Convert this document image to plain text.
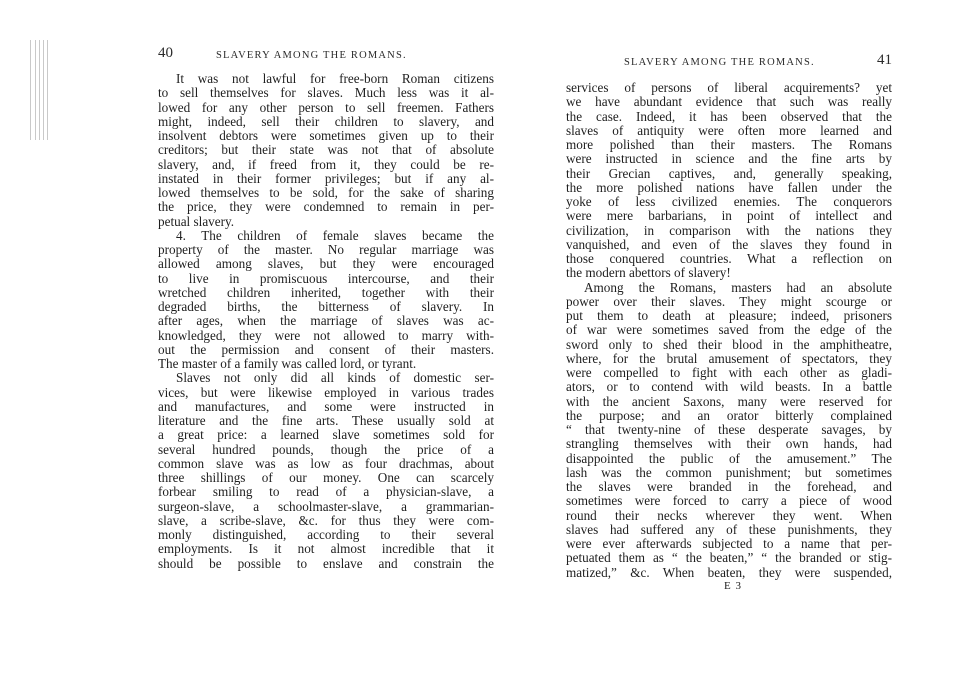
40	SLAVERY AMONG THE ROMANS.
It was not lawful for free-born Roman citizens
to sell themselves for slaves. Much less was it al-
lowed for any other person to sell freemen. Fathers
might, indeed, sell their children to slavery, and
insolvent debtors were sometimes given up to their
creditors; but their state was not that of absolute
slavery, and, if freed from it, they could be re-
instated in their former privileges; but if any al-
lowed themselves to be sold, for the sake of sharing
the price, they were condemned to remain in per-
petual slavery.
4. The children of female slaves became the
property of the master. No regular marriage was
allowed among slaves, but they were encouraged
to live in promiscuous intercourse, and their
wretched children inherited, together with their
degraded births, the bitterness of slavery. In
after ages, when the marriage of slaves was ac-
knowledged, they were not allowed to marry with-
out the permission and consent of their masters.
The master of a family was called lord, or tyrant.
Slaves not only did all kinds of domestic ser-
vices, but were likewise employed in various trades
and manufactures, and some were instructed in
literature and the fine arts. These usually sold at
a great price: a learned slave sometimes sold for
several hundred pounds, though the price of a
common slave was as low as four drachmas, about
three shillings of our money. One can scarcely
forbear smiling to read of a physician-slave, a
surgeon-slave, a schoolmaster-slave, a grammarian-
slave, a scribe-slave, &c. for thus they were com-
monly distinguished, according to their several
employments. Is it not almost incredible that it
should be possible to enslave and constrain the
SLAVERY AMONG THE ROMANS.	41
services of persons of liberal acquirements? yet
we have abundant evidence that such was really
the case. Indeed, it has been observed that the
slaves of antiquity were often more learned and
more polished than their masters. The Romans
were instructed in science and the fine arts by
their Grecian captives, and, generally speaking,
the more polished nations have fallen under the
yoke of less civilized enemies. The conquerors
were mere barbarians, in point of intellect and
civilization, in comparison with the nations they
vanquished, and even of the slaves they found in
those conquered countries. What a reflection on
the modern abettors of slavery!
Among the Romans, masters had an absolute
power over their slaves. They might scourge or
put them to death at pleasure; indeed, prisoners
of war were sometimes saved from the edge of the
sword only to shed their blood in the amphitheatre,
where, for the brutal amusement of spectators, they
were compelled to fight with each other as gladi-
ators, or to contend with wild beasts. In a battle
with the ancient Saxons, many were reserved for
the purpose; and an orator bitterly complained
“ that twenty-nine of these desperate savages, by
strangling themselves with their own hands, had
disappointed the public of the amusement.” The
lash was the common punishment; but sometimes
the slaves were branded in the forehead, and
sometimes were forced to carry a piece of wood
round their necks wherever they went. When
slaves had suffered any of these punishments, they
were ever afterwards subjected to a name that per-
petuated them as “ the beaten,” “ the branded or stig-
matized,” &c. When beaten, they were suspended,
E 3
